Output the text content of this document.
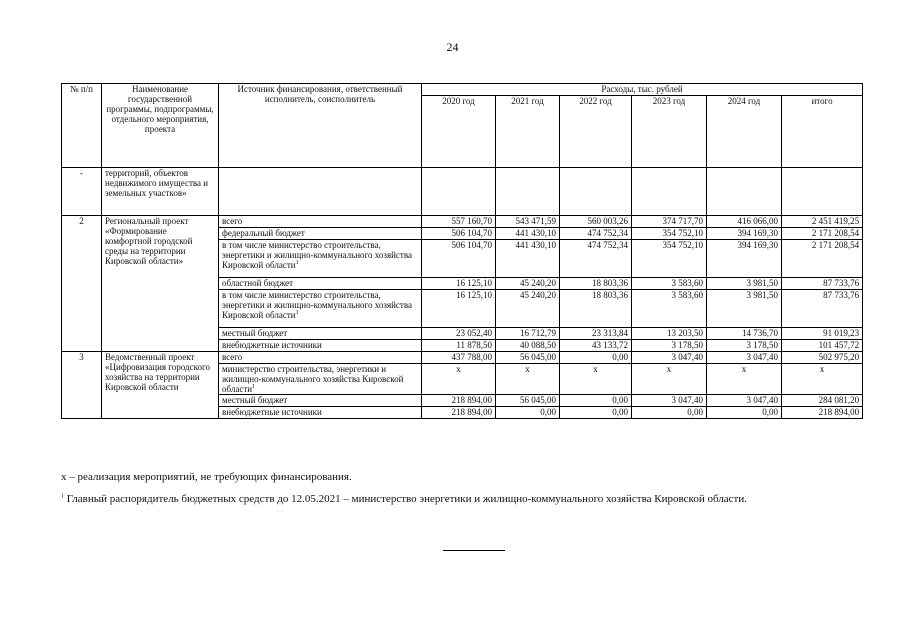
24
№ п/п	Наименование государственной программы, подпрограммы, отдельного мероприятия, проекта	Источник финансирования, ответственный исполнитель, соисполнитель	Расходы, тыс. рублей					
			2020 год	2021 год	2022 год	2023 год	2024 год	итого
-	территорий, объектов недвижимого имущества и земельных участков»							
2	Региональный проект «Формирование комфортной городской среды на территории Кировской области»	всего	557 160,70	543 471,59	560 003,26	374 717,70	416 066,00	2 451 419,25
		федеральный бюджет	506 104,70	441 430,10	474 752,34	354 752,10	394 169,30	2 171 208,54
		в том числе министерство строительства, энергетики и жилищно-коммунального хозяйства Кировской области$^1$	506 104,70	441 430,10	474 752,34	354 752,10	394 169,30	2 171 208,54
		областной бюджет	16 125,10	45 240,20	18 803,36	3 583,60	3 981,50	87 733,76
		в том числе министерство строительства, энергетики и жилищно-коммунального хозяйства Кировской области$^1$	16 125,10	45 240,20	18 803,36	3 583,60	3 981,50	87 733,76
		местный бюджет	23 052,40	16 712,79	23 313,84	13 203,50	14 736,70	91 019,23
		внебюджетные источники	11 878,50	40 088,50	43 133,72	3 178,50	3 178,50	101 457,72
3	Ведомственный проект «Цифровизация городского хозяйства на территории Кировской области	всего	437 788,00	56 045,00	0,00	3 047,40	3 047,40	502 975,20
		министерство строительства, энергетики и жилищно-коммунального хозяйства Кировской области$^1$	x	x	x	x	x	x
		местный бюджет	218 894,00	56 045,00	0,00	3 047,40	3 047,40	284 081,20
		внебюджетные источники	218 894,00	0,00	0,00	0,00	0,00	218 894,00
х – реализация мероприятий, не требующих финансирования.
$^1$ Главный распорядитель бюджетных средств до 12.05.2021 – министерство энергетики и жилищно-коммунального хозяйства Кировской области.
